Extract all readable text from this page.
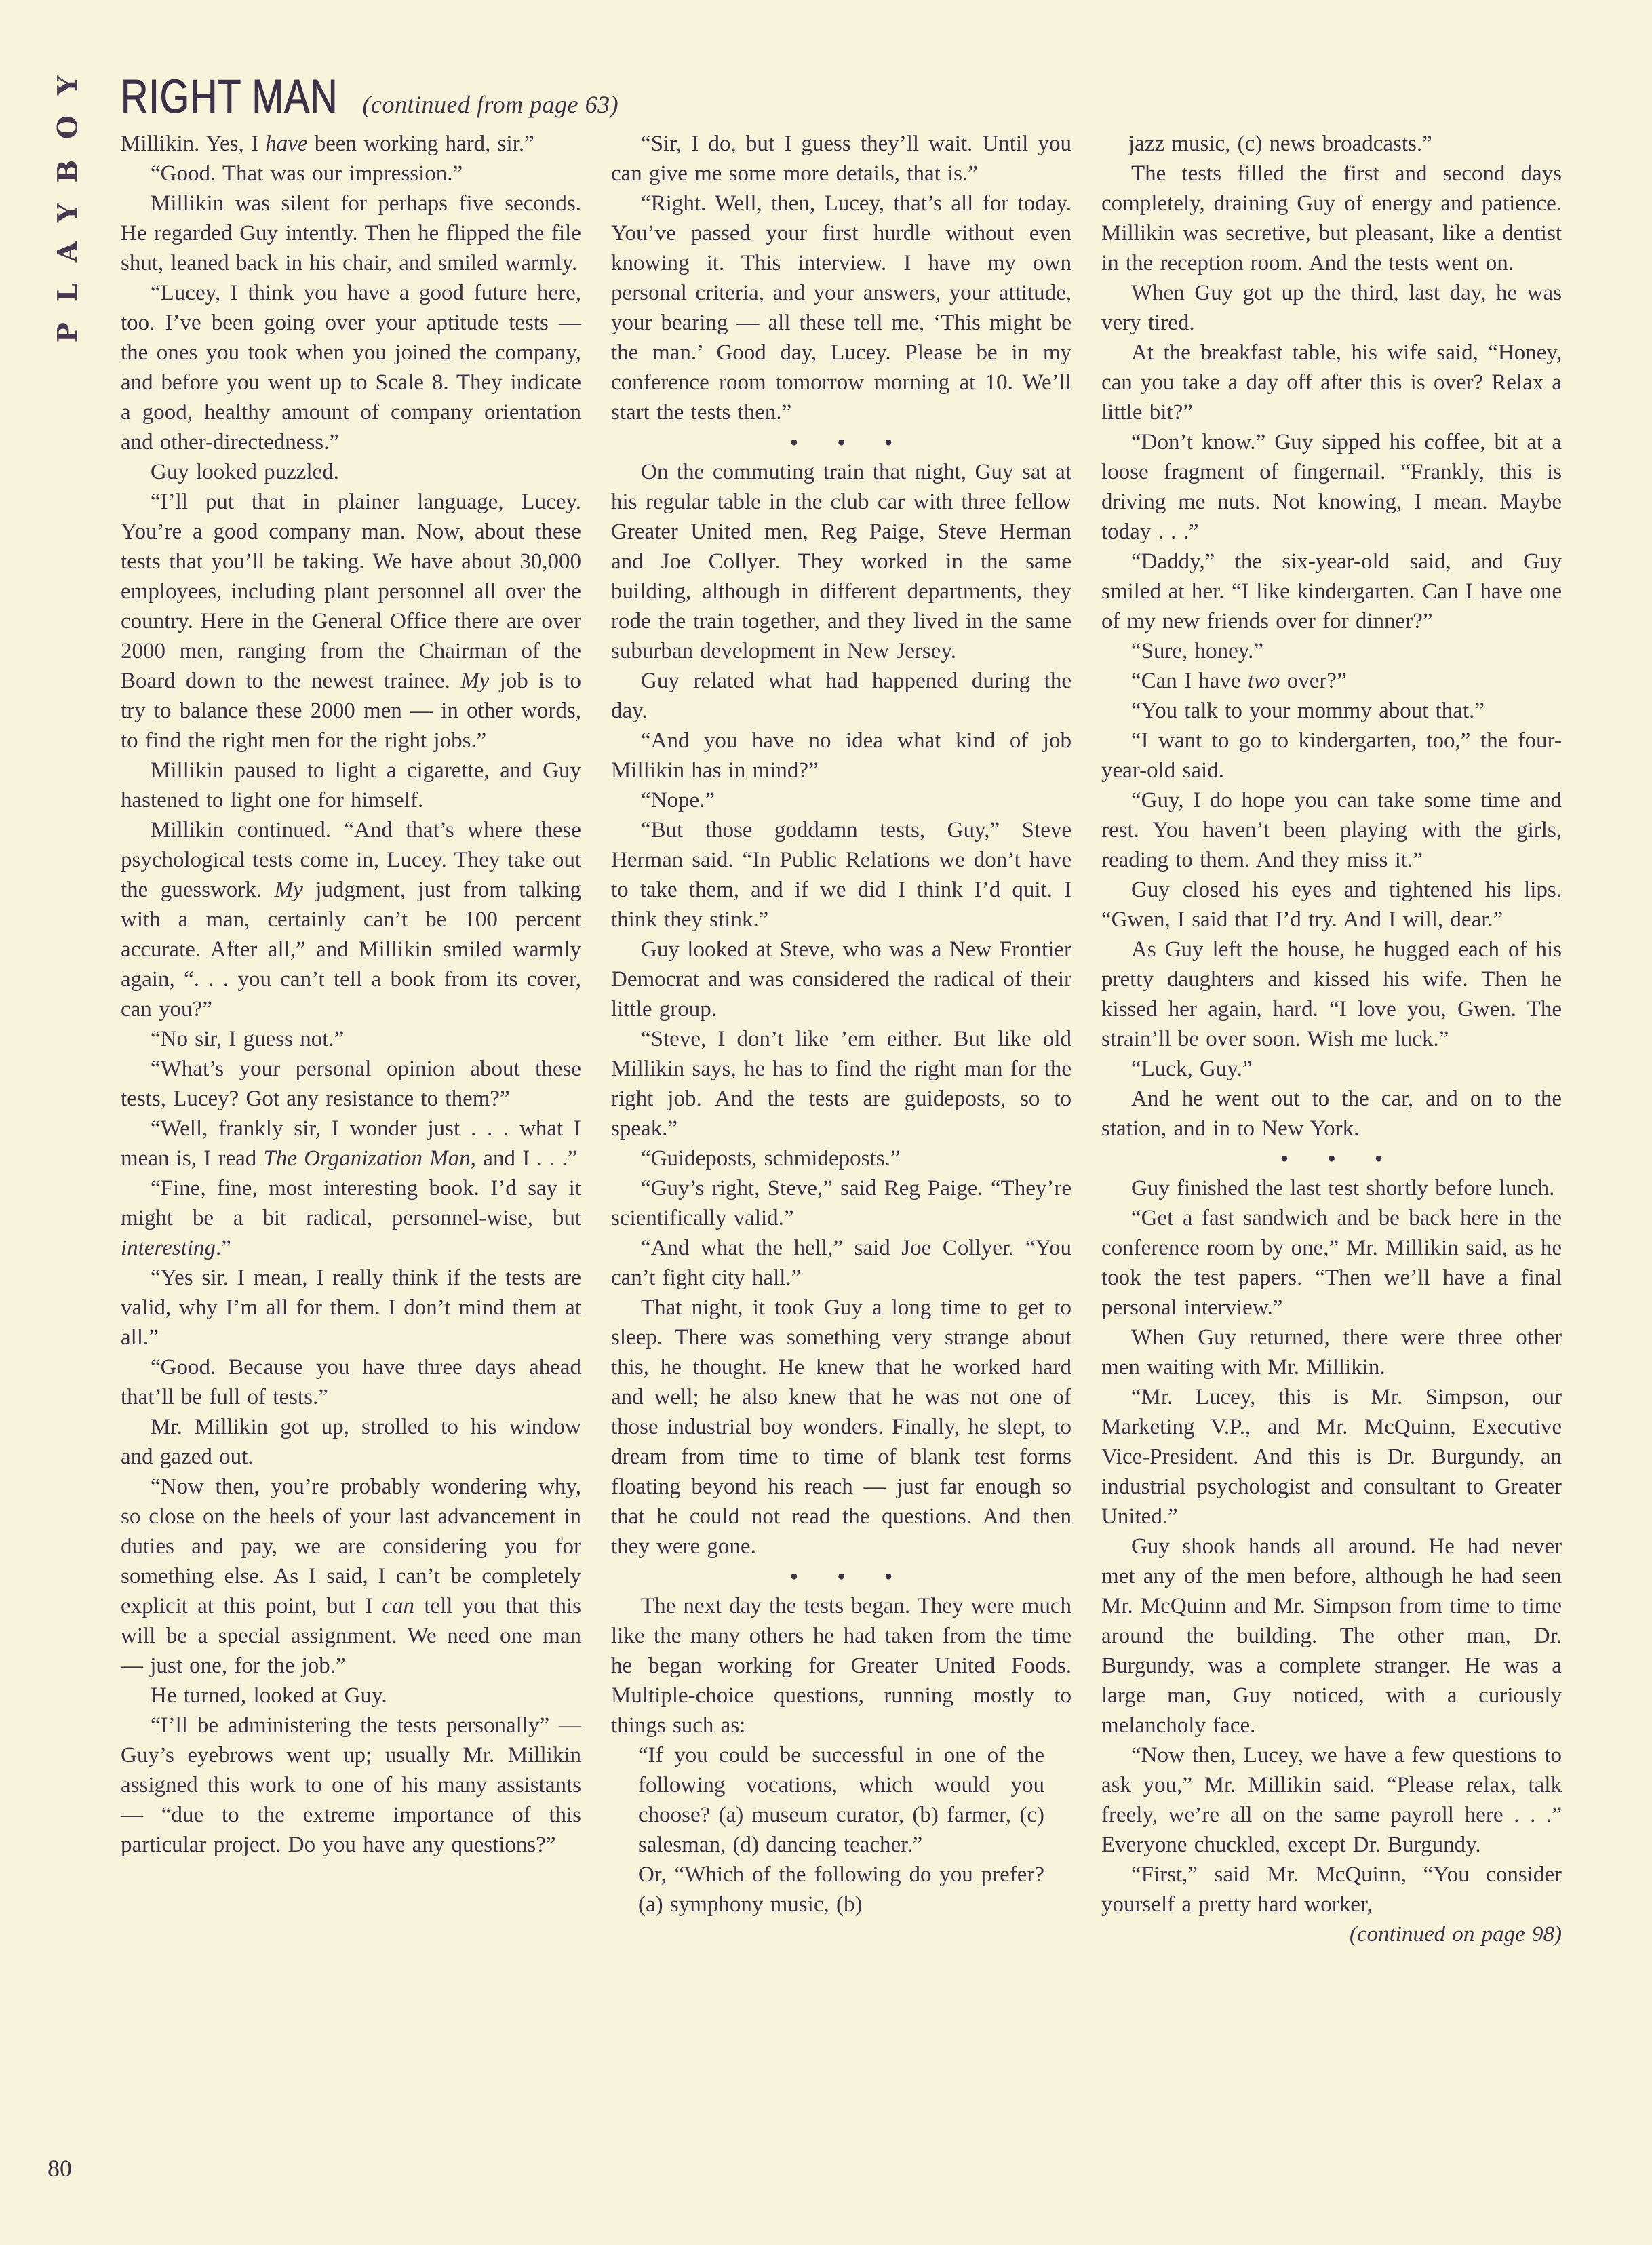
PLAYBOY RIGHT MAN (continued from page 63)

Millikin. Yes, I have been working hard, sir.”

“Good. That was our impression.”

Millikin was silent for perhaps five seconds. He regarded Guy intently. Then he flipped the file shut, leaned back in his chair, and smiled warmly.

“Lucey, I think you have a good future here, too. I’ve been going over your aptitude tests — the ones you took when you joined the company, and before you went up to Scale 8. They indicate a good, healthy amount of company orientation and other-directedness.”

Guy looked puzzled.

“I’ll put that in plainer language, Lucey. You’re a good company man. Now, about these tests that you’ll be taking. We have about 30,000 employees, including plant personnel all over the country. Here in the General Office there are over 2000 men, ranging from the Chairman of the Board down to the newest trainee. My job is to try to balance these 2000 men — in other words, to find the right men for the right jobs.”

Millikin paused to light a cigarette, and Guy hastened to light one for himself.

Millikin continued. “And that’s where these psychological tests come in, Lucey. They take out the guesswork. My judgment, just from talking with a man, certainly can’t be 100 percent accurate. After all,” and Millikin smiled warmly again, “. . . you can’t tell a book from its cover, can you?”

“No sir, I guess not.”

“What’s your personal opinion about these tests, Lucey? Got any resistance to them?”

“Well, frankly sir, I wonder just . . . what I mean is, I read The Organization Man, and I . . .”

“Fine, fine, most interesting book. I’d say it might be a bit radical, personnel-wise, but interesting.”

“Yes sir. I mean, I really think if the tests are valid, why I’m all for them. I don’t mind them at all.”

“Good. Because you have three days ahead that’ll be full of tests.”

Mr. Millikin got up, strolled to his window and gazed out.

“Now then, you’re probably wondering why, so close on the heels of your last advancement in duties and pay, we are considering you for something else. As I said, I can’t be completely explicit at this point, but I can tell you that this will be a special assignment. We need one man — just one, for the job.”

He turned, looked at Guy.

“I’ll be administering the tests personally” — Guy’s eyebrows went up; usually Mr. Millikin assigned this work to one of his many assistants — “due to the extreme importance of this particular project. Do you have any questions?”

“Sir, I do, but I guess they’ll wait. Until you can give me some more details, that is.”

“Right. Well, then, Lucey, that’s all for today. You’ve passed your first hurdle without even knowing it. This interview. I have my own personal criteria, and your answers, your attitude, your bearing — all these tell me, ‘This might be the man.’ Good day, Lucey. Please be in my conference room tomorrow morning at 10. We’ll start the tests then.”

• • •

On the commuting train that night, Guy sat at his regular table in the club car with three fellow Greater United men, Reg Paige, Steve Herman and Joe Collyer. They worked in the same building, although in different departments, they rode the train together, and they lived in the same suburban development in New Jersey.

Guy related what had happened during the day.

“And you have no idea what kind of job Millikin has in mind?”

“Nope.”

“But those goddamn tests, Guy,” Steve Herman said. “In Public Relations we don’t have to take them, and if we did I think I’d quit. I think they stink.”

Guy looked at Steve, who was a New Frontier Democrat and was considered the radical of their little group.

“Steve, I don’t like ’em either. But like old Millikin says, he has to find the right man for the right job. And the tests are guideposts, so to speak.”

“Guideposts, schmideposts.”

“Guy’s right, Steve,” said Reg Paige. “They’re scientifically valid.”

“And what the hell,” said Joe Collyer. “You can’t fight city hall.”

That night, it took Guy a long time to get to sleep. There was something very strange about this, he thought. He knew that he worked hard and well; he also knew that he was not one of those industrial boy wonders. Finally, he slept, to dream from time to time of blank test forms floating beyond his reach — just far enough so that he could not read the questions. And then they were gone.

• • •

The next day the tests began. They were much like the many others he had taken from the time he began working for Greater United Foods. Multiple-choice questions, running mostly to things such as:

“If you could be successful in one of the following vocations, which would you choose? (a) museum curator, (b) farmer, (c) salesman, (d) dancing teacher.”

Or, “Which of the following do you prefer? (a) symphony music, (b)

jazz music, (c) news broadcasts.”

The tests filled the first and second days completely, draining Guy of energy and patience. Millikin was secretive, but pleasant, like a dentist in the reception room. And the tests went on.

When Guy got up the third, last day, he was very tired.

At the breakfast table, his wife said, “Honey, can you take a day off after this is over? Relax a little bit?”

“Don’t know.” Guy sipped his coffee, bit at a loose fragment of fingernail. “Frankly, this is driving me nuts. Not knowing, I mean. Maybe today . . .”

“Daddy,” the six-year-old said, and Guy smiled at her. “I like kindergarten. Can I have one of my new friends over for dinner?”

“Sure, honey.”

“Can I have two over?”

“You talk to your mommy about that.”

“I want to go to kindergarten, too,” the four-year-old said.

“Guy, I do hope you can take some time and rest. You haven’t been playing with the girls, reading to them. And they miss it.”

Guy closed his eyes and tightened his lips. “Gwen, I said that I’d try. And I will, dear.”

As Guy left the house, he hugged each of his pretty daughters and kissed his wife. Then he kissed her again, hard. “I love you, Gwen. The strain’ll be over soon. Wish me luck.”

“Luck, Guy.”

And he went out to the car, and on to the station, and in to New York.

• • •

Guy finished the last test shortly before lunch.

“Get a fast sandwich and be back here in the conference room by one,” Mr. Millikin said, as he took the test papers. “Then we’ll have a final personal interview.”

When Guy returned, there were three other men waiting with Mr. Millikin.

“Mr. Lucey, this is Mr. Simpson, our Marketing V.P., and Mr. McQuinn, Executive Vice-President. And this is Dr. Burgundy, an industrial psychologist and consultant to Greater United.”

Guy shook hands all around. He had never met any of the men before, although he had seen Mr. McQuinn and Mr. Simpson from time to time around the building. The other man, Dr. Burgundy, was a complete stranger. He was a large man, Guy noticed, with a curiously melancholy face.

“Now then, Lucey, we have a few questions to ask you,” Mr. Millikin said. “Please relax, talk freely, we’re all on the same payroll here . . .” Everyone chuckled, except Dr. Burgundy.

“First,” said Mr. McQuinn, “You consider yourself a pretty hard worker,

(continued on page 98)

80
